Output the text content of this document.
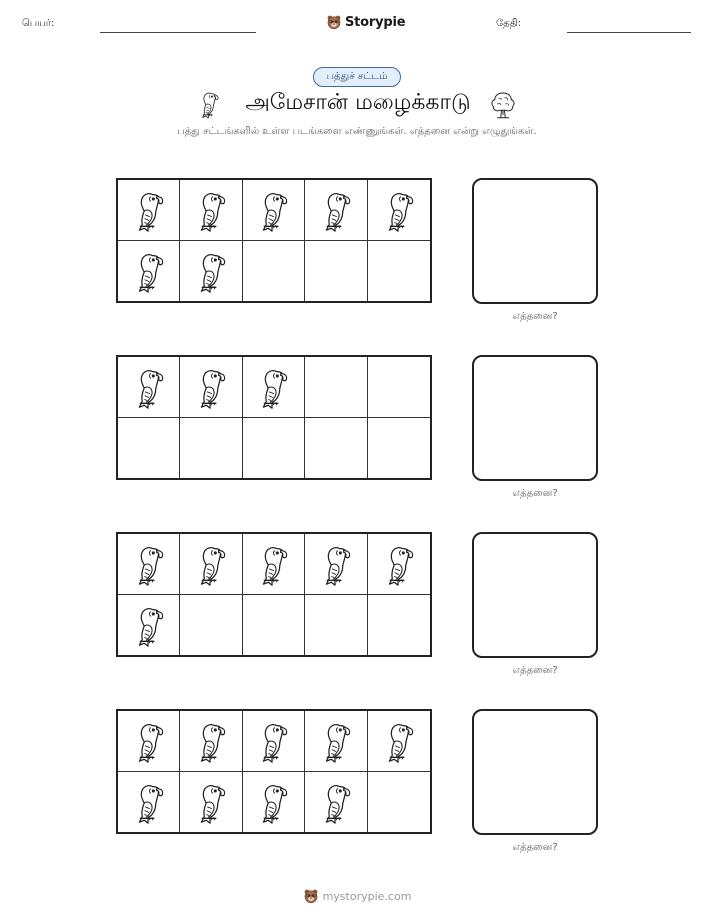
பெயர்:	Storypie	தேதி:
பத்துச் சட்டம்
அமேசான் மழைக்காடு
பத்து சட்டங்களில் உள்ள படங்களை எண்ணுங்கள். எத்தனை என்று எழுதுங்கள்.
எத்தனை?
எத்தனை?
எத்தனை?
எத்தனை?
mystorypie.com
